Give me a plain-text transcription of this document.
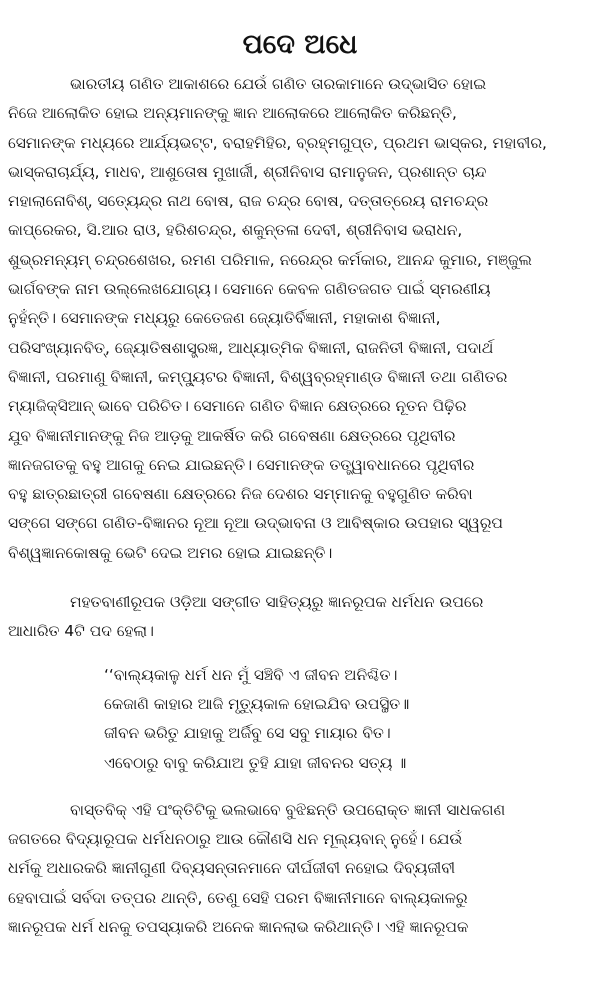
ପଦେ ଅଧେ
ଭାରତୀୟ ଗଣିତ ଆକାଶରେ ଯେଉଁ ଗଣିତ ତାରକାମାନେ ଉଦ୍ଭାସିତ ହୋଇ
ନିଜେ ଆଲୋକିତ ହୋଇ ଅନ୍ୟମାନଙ୍କୁ ଜ୍ଞାନ ଆଲୋକରେ ଆଲୋକିତ କରିଛନ୍ତି,
ସେମାନଙ୍କ ମଧ୍ୟରେ ଆର୍ଯ୍ୟଭଟ୍ଟ, ବରାହମିହିର, ବ୍ରହ୍ମଗୁପ୍ତ, ପ୍ରଥମ ଭାସ୍କର, ମହାବୀର,
ଭାସ୍କରାଚାର୍ଯ୍ୟ, ମାଧବ, ଆଶୁତୋଷ ମୁଖାର୍ଜୀ, ଶ୍ରୀନିବାସ ରାମାନୁଜନ, ପ୍ରଶାନ୍ତ ଚାନ୍ଦ
ମହାଲାନୋବିଶ୍, ସତ୍ୟେନ୍ଦ୍ର ନାଥ ବୋଷ, ରାଜ ଚନ୍ଦ୍ର ବୋଷ, ଦତ୍ତାତ୍ରେୟ ରାମଚନ୍ଦ୍ର
କାପ୍ରେକର, ସି.ଆର ରାଓ, ହରିଶଚନ୍ଦ୍ର, ଶକୁନ୍ତଳା ଦେବୀ, ଶ୍ରୀନିବାସ ଭରାଧନ,
ଶୁଭ୍ରମନ୍ୟମ୍ ଚନ୍ଦ୍ରଶେଖର, ରମଣ ପରିମାଳ, ନରେନ୍ଦ୍ର କର୍ମକାର, ଆନନ୍ଦ କୁମାର, ମଞ୍ଜୁଲ
ଭାର୍ଗବଙ୍କ ନାମ ଉଲ୍ଲେଖଯୋଗ୍ୟ। ସେମାନେ କେବଳ ଗଣିତଜଗତ ପାଇଁ ସ୍ମରଣୀୟ
ନୁହଁନ୍ତି। ସେମାନଙ୍କ ମଧ୍ୟରୁ କେତେଜଣ ଜ୍ୟୋତିର୍ବିଜ୍ଞାନୀ, ମହାକାଶ ବିଜ୍ଞାନୀ,
ପରିସଂଖ୍ୟାନବିତ୍, ଜ୍ୟୋତିଷଶାସ୍ତ୍ରଜ୍ଞ, ଆଧ୍ୟାତ୍ମିକ ବିଜ୍ଞାନୀ, ରାଜନିତୀ ବିଜ୍ଞାନୀ, ପଦାର୍ଥ
ବିଜ୍ଞାନୀ, ପରମାଣୁ ବିଜ୍ଞାନୀ, କମ୍ପ୍ୟୁଟର ବିଜ୍ଞାନୀ, ବିଶ୍ୱବ୍ରହ୍ମାଣ୍ଡ ବିଜ୍ଞାନୀ ତଥା ଗଣିତର
ମ୍ୟାଜିକ୍ସିଆନ୍ ଭାବେ ପରିଚିତ। ସେମାନେ ଗଣିତ ବିଜ୍ଞାନ କ୍ଷେତ୍ରରେ ନୂତନ ପିଢ଼ିର
ଯୁବ ବିଜ୍ଞାନୀମାନଙ୍କୁ ନିଜ ଆଡ଼କୁ ଆକର୍ଷିତ କରି ଗବେଷଣା କ୍ଷେତ୍ରରେ ପୃଥିବୀର
ଜ୍ଞାନଜଗତକୁ ବହୁ ଆଗକୁ ନେଇ ଯାଇଛନ୍ତି। ସେମାନଙ୍କ ତତ୍ତ୍ୱାବଧାନରେ ପୃଥିବୀର
ବହୁ ଛାତ୍ରଛାତ୍ରୀ ଗବେଷଣା କ୍ଷେତ୍ରରେ ନିଜ ଦେଶର ସମ୍ମାନକୁ ବହୁଗୁଣିତ କରିବା
ସଙ୍ଗେ ସଙ୍ଗେ ଗଣିତ-ବିଜ୍ଞାନର ନୂଆ ନୂଆ ଉଦ୍ଭାବନା ଓ ଆବିଷ୍କାର ଉପହାର ସ୍ୱରୂପ
ବିଶ୍ୱଜ୍ଞାନକୋଷକୁ ଭେଟି ଦେଇ ଅମର ହୋଇ ଯାଇଛନ୍ତି।
ମହତବାଣୀରୂପକ ଓଡ଼ିଆ ସଙ୍ଗୀତ ସାହିତ୍ୟରୁ ଜ୍ଞାନରୂପକ ଧର୍ମଧନ ଉପରେ
ଆଧାରିତ 4ଟି ପଦ ହେଲା।
‘‘ବାଲ୍ୟକାଳୁ ଧର୍ମ ଧନ ମୁଁ ସଞ୍ଚିବି ଏ ଜୀବନ ଅନିଶ୍ଚିତ।
କେଜାଣି କାହାର ଆଜି ମୃତ୍ୟୁକାଳ ହୋଇଯିବ ଉପସ୍ଥିତ॥
ଜୀବନ ଭରିତୁ ଯାହାକୁ ଅର୍ଜିବୁ ସେ ସବୁ ମାୟାର ବିତ।
ଏବେଠାରୁ ବାବୁ କରିଯାଅ ତୁହି ଯାହା ଜୀବନର ସତ୍ୟ ॥
ବାସ୍ତବିକ୍ ଏହି ପଂକ୍ତିଟିକୁ ଭଲଭାବେ ବୁଝିଛନ୍ତି ଉପରୋକ୍ତ ଜ୍ଞାନୀ ସାଧକଗଣ
ଜଗତରେ ବିଦ୍ୟାରୂପକ ଧର୍ମଧନଠାରୁ ଆଉ କୌଣସି ଧନ ମୂଲ୍ୟବାନ୍ ନୁହେଁ। ଯେଉଁ
ଧର୍ମକୁ ଅଧାରକରି ଜ୍ଞାନୀଗୁଣୀ ଦିବ୍ୟସନ୍ତାନମାନେ ଦୀର୍ଘଜୀବୀ ନହୋଇ ଦିବ୍ୟଜୀବୀ
ହେବାପାଇଁ ସର୍ବଦା ତତ୍ପର ଥାନ୍ତି, ତେଣୁ ସେହି ପରମ ବିଜ୍ଞାନୀମାନେ ବାଲ୍ୟକାଳରୁ
ଜ୍ଞାନରୂପକ ଧର୍ମ ଧନକୁ ତପସ୍ୟାକରି ଅନେକ ଜ୍ଞାନଲାଭ କରିଥାନ୍ତି। ଏହି ଜ୍ଞାନରୂପକ
